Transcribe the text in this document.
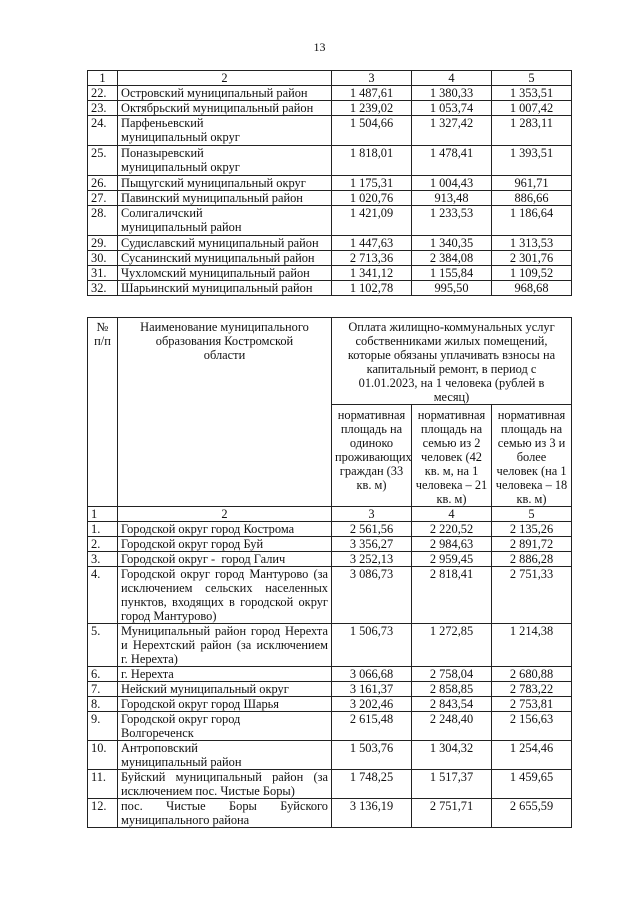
13
1	2	3	4	5
22.	Островский муниципальный район	1 487,61	1 380,33	1 353,51
23.	Октябрьский муниципальный район	1 239,02	1 053,74	1 007,42
24.	Парфеньевский муниципальный округ	1 504,66	1 327,42	1 283,11
25.	Поназыревский муниципальный округ	1 818,01	1 478,41	1 393,51
26.	Пыщугский муниципальный округ	1 175,31	1 004,43	961,71
27.	Павинский муниципальный район	1 020,76	913,48	886,66
28.	Солигаличский муниципальный район	1 421,09	1 233,53	1 186,64
29.	Судиславский муниципальный район	1 447,63	1 340,35	1 313,53
30.	Сусанинский муниципальный район	2 713,36	2 384,08	2 301,76
31.	Чухломский муниципальный район	1 341,12	1 155,84	1 109,52
32.	Шарьинский муниципальный район	1 102,78	995,50	968,68
№ п/п	Наименование муниципального образования Костромской области	Оплата жилищно-коммунальных услуг собственниками жилых помещений, которые обязаны уплачивать взносы на капитальный ремонт, в период с 01.01.2023, на 1 человека (рублей в месяц)		
		нормативная площадь на одиноко проживающих граждан (33 кв. м)	нормативная площадь на семью из 2 человек (42 кв. м, на 1 человека – 21 кв. м)	нормативная площадь на семью из 3 и более человек (на 1 человека – 18 кв. м)
1	2	3	4	5
1.	Городской округ город Кострома	2 561,56	2 220,52	2 135,26
2.	Городской округ город Буй	3 356,27	2 984,63	2 891,72
3.	Городской округ -  город Галич	3 252,13	2 959,45	2 886,28
4.	Городской округ город Мантурово (за исключением сельских населенных пунктов, входящих в городской округ город Мантурово)	3 086,73	2 818,41	2 751,33
5.	Муниципальный район город Нерехта и Нерехтский район (за исключением г. Нерехта)	1 506,73	1 272,85	1 214,38
6.	г. Нерехта	3 066,68	2 758,04	2 680,88
7.	Нейский муниципальный округ	3 161,37	2 858,85	2 783,22
8.	Городской округ город Шарья	3 202,46	2 843,54	2 753,81
9.	Городской округ город Волгореченск	2 615,48	2 248,40	2 156,63
10.	Антроповский муниципальный район	1 503,76	1 304,32	1 254,46
11.	Буйский муниципальный район (за исключением пос. Чистые Боры)	1 748,25	1 517,37	1 459,65
12.	пос. Чистые Боры Буйского муниципального района	3 136,19	2 751,71	2 655,59
